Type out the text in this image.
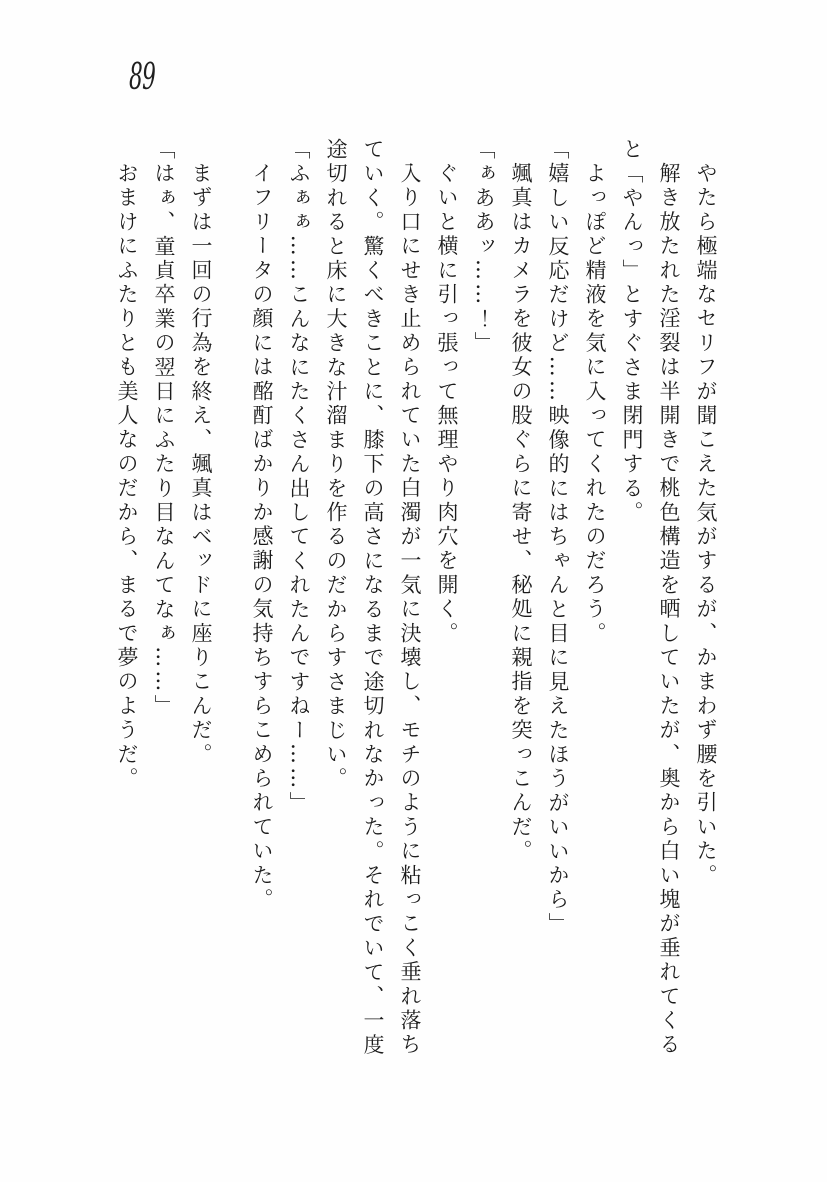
89
やたら極端なセリフが聞こえた気がするが、かまわず腰を引いた。
解き放たれた淫裂は半開きで桃色構造を晒していたが、奥から白い塊が垂れてくる
と「やんっ」とすぐさま閉門する。
よっぽど精液を気に入ってくれたのだろう。
「嬉しい反応だけど……映像的にはちゃんと目に見えたほうがいいから」
颯真はカメラを彼女の股ぐらに寄せ、秘処に親指を突っこんだ。
「ぁああッ……！」
ぐいと横に引っ張って無理やり肉穴を開く。
入り口にせき止められていた白濁が一気に決壊し、モチのように粘っこく垂れ落ち
ていく。驚くべきことに、膝下の高さになるまで途切れなかった。それでいて、一度
途切れると床に大きな汁溜まりを作るのだからすさまじい。
「ふぁぁ……こんなにたくさん出してくれたんですねー……」
イフリータの顔には酩酊ばかりか感謝の気持ちすらこめられていた。
まずは一回の行為を終え、颯真はベッドに座りこんだ。
「はぁ、童貞卒業の翌日にふたり目なんてなぁ……」
おまけにふたりとも美人なのだから、まるで夢のようだ。
